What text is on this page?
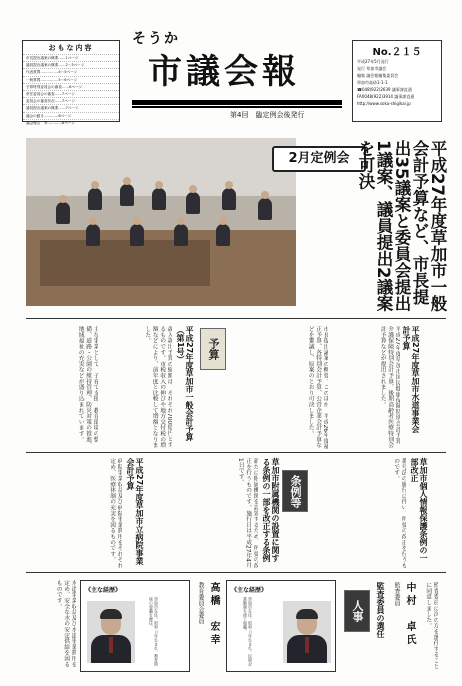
おもな内容
市長提出議案の概要……1ページ
議員提出議案の概要……2～3ページ
代表質問……………4～5ページ
一般質問……………5～6ページ
予算特別委員会の審査……6ページ
常任委員会の審査……7ページ
委員会の審査状況……7ページ
議員提出議案の概要……7ページ
議会の動き…………8ページ
議会報告　等…………8ページ
そうか
市議会報
第4回　臨定例会後発行
No.２１５
平成27年5月発行
発行 草加市議会
編集 議会報編集委員会
草加市高砂1-1-1
☎048(922)2639 議事課直通
FAX048(922)3914 議事課直通
http://www.soka-shigikai.jp
2月定例会	平成27年度草加市一般会計予算など、市長提出35議案と委員会提出1議案、議員提出2議案を可決
予算
平成27年度草加市一般会計予算（第1号）
歳入歳出予算の総額は、それぞれ700億円とするものです。市税収入の伸びや地方交付税の増額などにより、前年度と比較して増額となりました。
主な事業として、子育て支援、教育環境の整備、道路・公園の維持管理、防災対策の推進、地域福祉の充実などが盛り込まれています。	市長提出議案の概要。このほか、平成26年度補正予算、各特別会計予算、公営企業会計予算などを審議し、原案のとおり可決しました。	平成27年度草加市水道事業会計予算
平成27年度草加市国民健康保険特別会計予算、介護保険特別会計予算、後期高齢者医療特別会計予算などが提出されました。
病院事業収益及び病院事業費用をそれぞれ定め、医療体制の充実を図るものです。	平成27年度草加市立病院事業会計予算
条例等
草加市附属機関の設置に関する条例の一部を改正する条例
新たに附属機関を設置するため、所要の改正を行うものです。施行日は平成27年4月1日です。	草加市個人情報保護条例の一部改正
番号法の施行に伴い、所要の改正を行うものです。
《主な経歴》
草加市在住。昭和○年生まれ。教育関係の要職を歴任。	教育委員会委員 高橋　宏幸	《主な経歴》
草加市在住。昭和○年生まれ。民間企業勤務を経て現職。	人事	監査委員の選任 監査委員 中村　卓氏	監査委員に次の方を選任することに同意しました。
水道事業収益及び水道事業費用を定め、安全な水の安定供給を図るものです。
